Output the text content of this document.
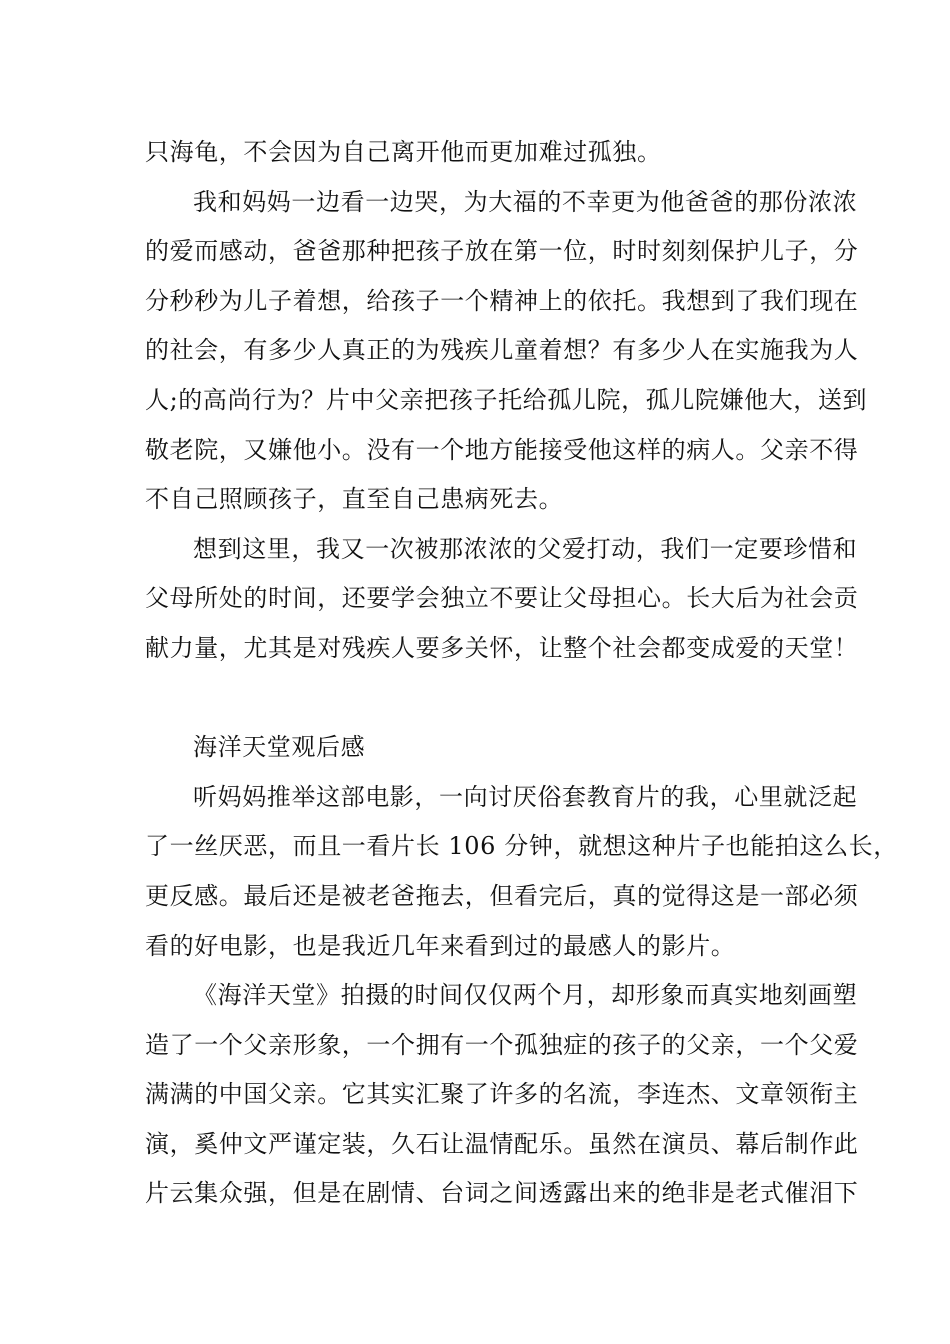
只海龟，不会因为自己离开他而更加难过孤独。
我和妈妈一边看一边哭，为大福的不幸更为他爸爸的那份浓浓
的爱而感动，爸爸那种把孩子放在第一位，时时刻刻保护儿子，分
分秒秒为儿子着想，给孩子一个精神上的依托。我想到了我们现在
的社会，有多少人真正的为残疾儿童着想？有多少人在实施我为人
人;的高尚行为？片中父亲把孩子托给孤儿院，孤儿院嫌他大，送到
敬老院，又嫌他小。没有一个地方能接受他这样的病人。父亲不得
不自己照顾孩子，直至自己患病死去。
想到这里，我又一次被那浓浓的父爱打动，我们一定要珍惜和
父母所处的时间，还要学会独立不要让父母担心。长大后为社会贡
献力量，尤其是对残疾人要多关怀，让整个社会都变成爱的天堂！
海洋天堂观后感
听妈妈推举这部电影，一向讨厌俗套教育片的我，心里就泛起
了一丝厌恶，而且一看片长 106 分钟，就想这种片子也能拍这么长，
更反感。最后还是被老爸拖去，但看完后，真的觉得这是一部必须
看的好电影，也是我近几年来看到过的最感人的影片。
《海洋天堂》拍摄的时间仅仅两个月，却形象而真实地刻画塑
造了一个父亲形象，一个拥有一个孤独症的孩子的父亲，一个父爱
满满的中国父亲。它其实汇聚了许多的名流，李连杰、文章领衔主
演，奚仲文严谨定装，久石让温情配乐。虽然在演员、幕后制作此
片云集众强，但是在剧情、台词之间透露出来的绝非是老式催泪下
